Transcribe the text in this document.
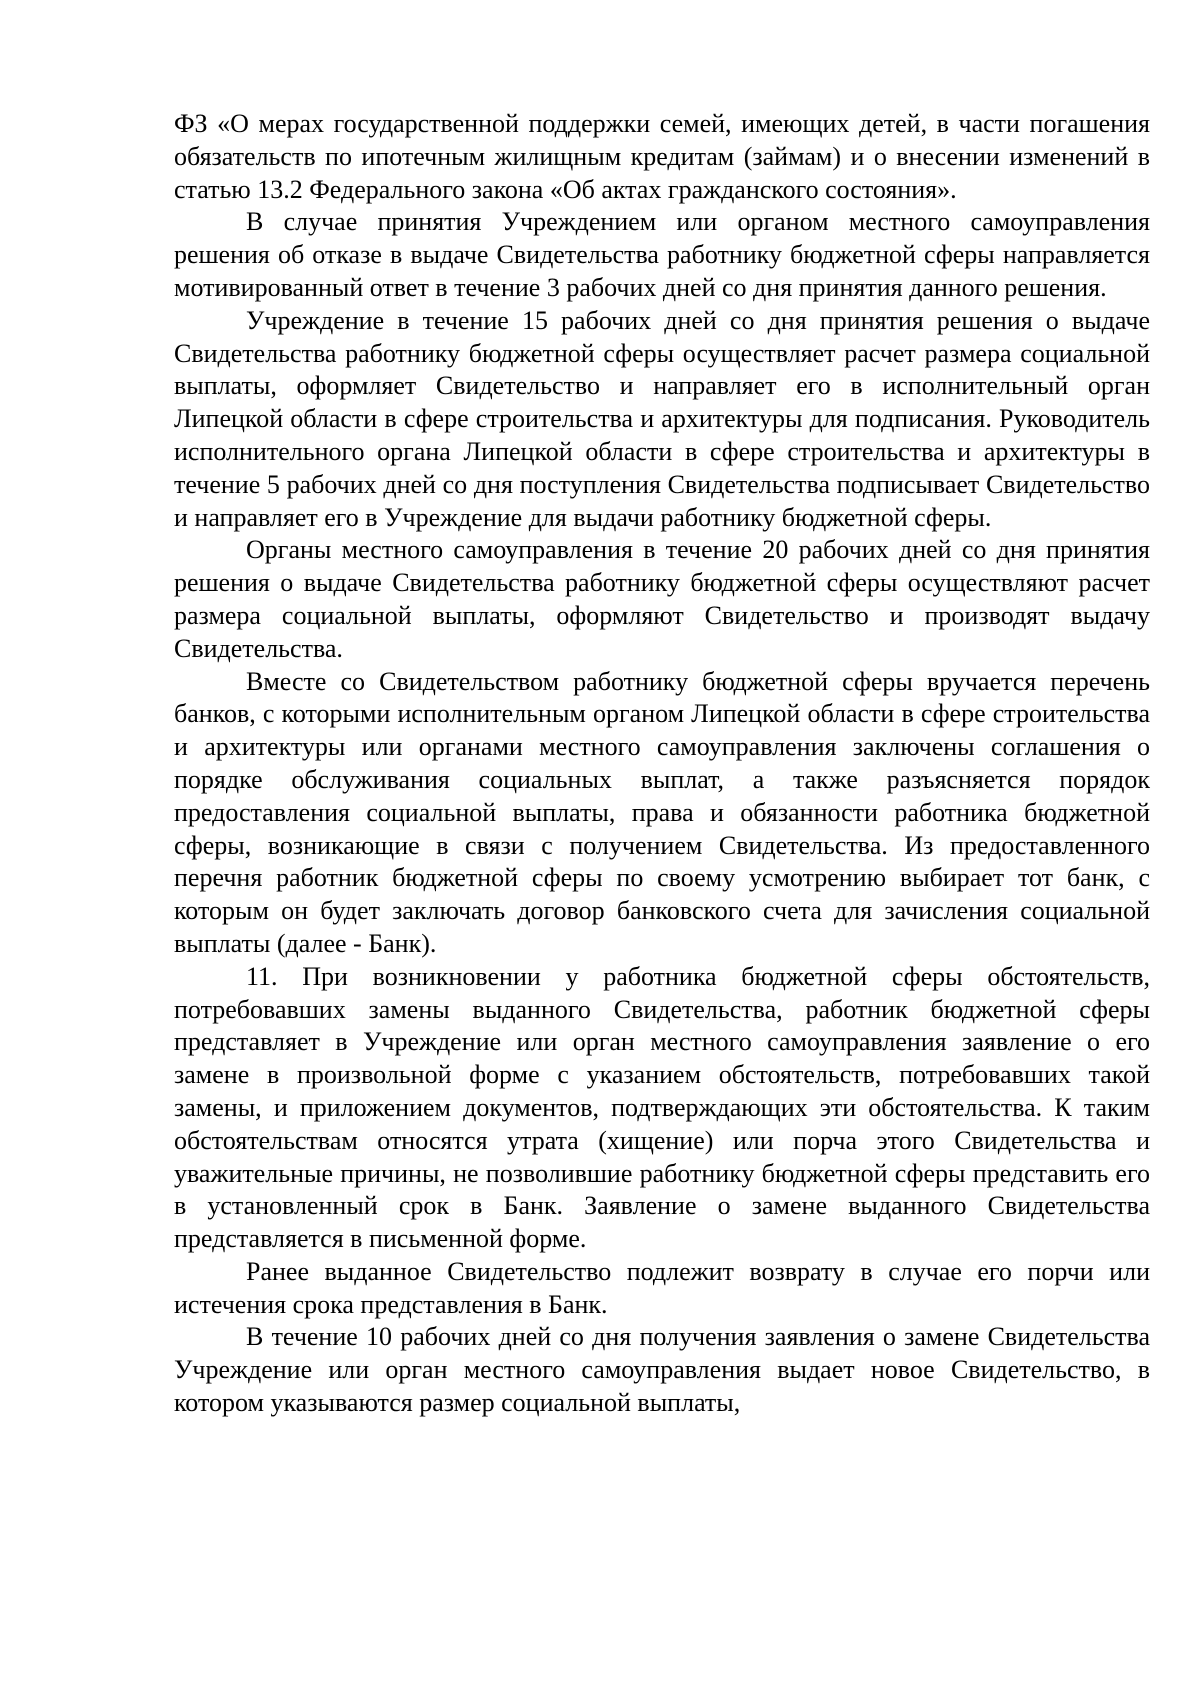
ФЗ «О мерах государственной поддержки семей, имеющих детей, в части погашения обязательств по ипотечным жилищным кредитам (займам) и о внесении изменений в статью 13.2 Федерального закона «Об актах гражданского состояния».

В случае принятия Учреждением или органом местного самоуправления решения об отказе в выдаче Свидетельства работнику бюджетной сферы направляется мотивированный ответ в течение 3 рабочих дней со дня принятия данного решения.

Учреждение в течение 15 рабочих дней со дня принятия решения о выдаче Свидетельства работнику бюджетной сферы осуществляет расчет размера социальной выплаты, оформляет Свидетельство и направляет его в исполнительный орган Липецкой области в сфере строительства и архитектуры для подписания. Руководитель исполнительного органа Липецкой области в сфере строительства и архитектуры в течение 5 рабочих дней со дня поступления Свидетельства подписывает Свидетельство и направляет его в Учреждение для выдачи работнику бюджетной сферы.

Органы местного самоуправления в течение 20 рабочих дней со дня принятия решения о выдаче Свидетельства работнику бюджетной сферы осуществляют расчет размера социальной выплаты, оформляют Свидетельство и производят выдачу Свидетельства.

Вместе со Свидетельством работнику бюджетной сферы вручается перечень банков, с которыми исполнительным органом Липецкой области в сфере строительства и архитектуры или органами местного самоуправления заключены соглашения о порядке обслуживания социальных выплат, а также разъясняется порядок предоставления социальной выплаты, права и обязанности работника бюджетной сферы, возникающие в связи с получением Свидетельства. Из предоставленного перечня работник бюджетной сферы по своему усмотрению выбирает тот банк, с которым он будет заключать договор банковского счета для зачисления социальной выплаты (далее - Банк).

11. При возникновении у работника бюджетной сферы обстоятельств, потребовавших замены выданного Свидетельства, работник бюджетной сферы представляет в Учреждение или орган местного самоуправления заявление о его замене в произвольной форме с указанием обстоятельств, потребовавших такой замены, и приложением документов, подтверждающих эти обстоятельства. К таким обстоятельствам относятся утрата (хищение) или порча этого Свидетельства и уважительные причины, не позволившие работнику бюджетной сферы представить его в установленный срок в Банк. Заявление о замене выданного Свидетельства представляется в письменной форме.

Ранее выданное Свидетельство подлежит возврату в случае его порчи или истечения срока представления в Банк.

В течение 10 рабочих дней со дня получения заявления о замене Свидетельства Учреждение или орган местного самоуправления выдает новое Свидетельство, в котором указываются размер социальной выплаты,
